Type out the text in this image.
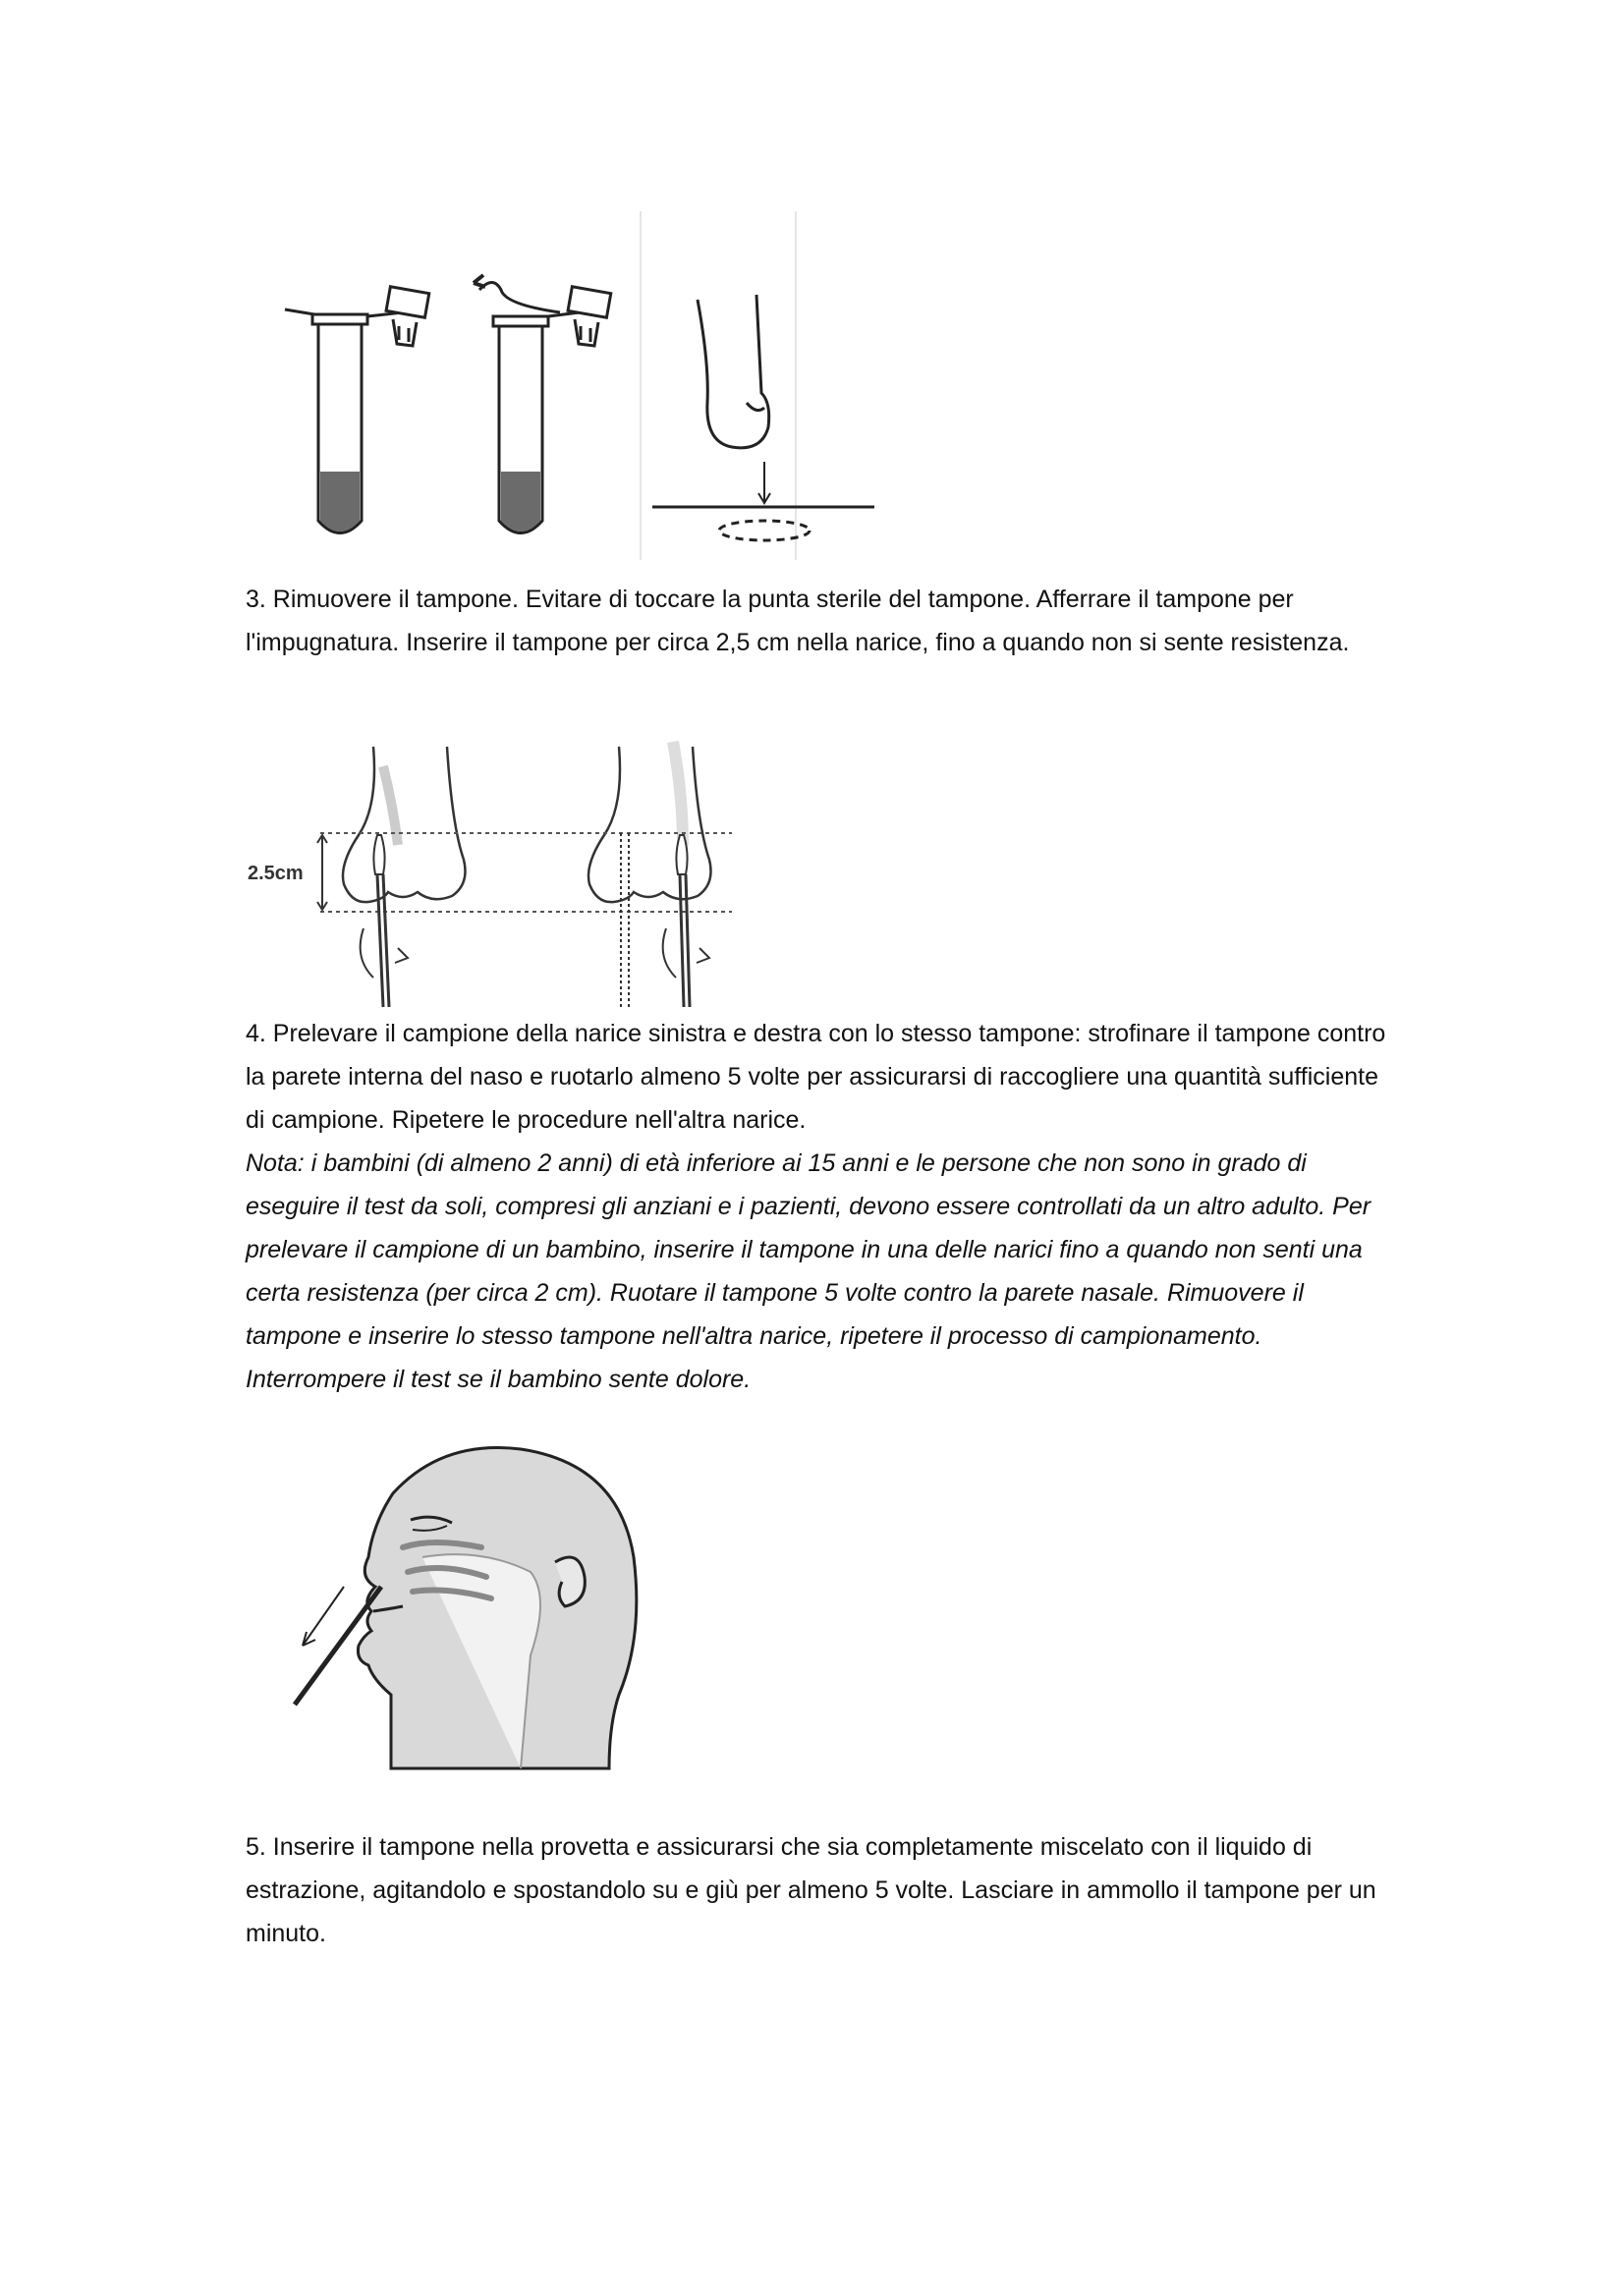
3. Rimuovere il tampone. Evitare di toccare la punta sterile del tampone. Afferrare il tampone per l'impugnatura. Inserire il tampone per circa 2,5 cm nella narice, fino a quando non si sente resistenza.
2.5cm
4. Prelevare il campione della narice sinistra e destra con lo stesso tampone: strofinare il tampone contro la parete interna del naso e ruotarlo almeno 5 volte per assicurarsi di raccogliere una quantità sufficiente di campione. Ripetere le procedure nell'altra narice.
Nota: i bambini (di almeno 2 anni) di età inferiore ai 15 anni e le persone che non sono in grado di eseguire il test da soli, compresi gli anziani e i pazienti, devono essere controllati da un altro adulto. Per prelevare il campione di un bambino, inserire il tampone in una delle narici fino a quando non senti una certa resistenza (per circa 2 cm). Ruotare il tampone 5 volte contro la parete nasale. Rimuovere il tampone e inserire lo stesso tampone nell'altra narice, ripetere il processo di campionamento. Interrompere il test se il bambino sente dolore.
5. Inserire il tampone nella provetta e assicurarsi che sia completamente miscelato con il liquido di estrazione, agitandolo e spostandolo su e giù per almeno 5 volte. Lasciare in ammollo il tampone per un minuto.
